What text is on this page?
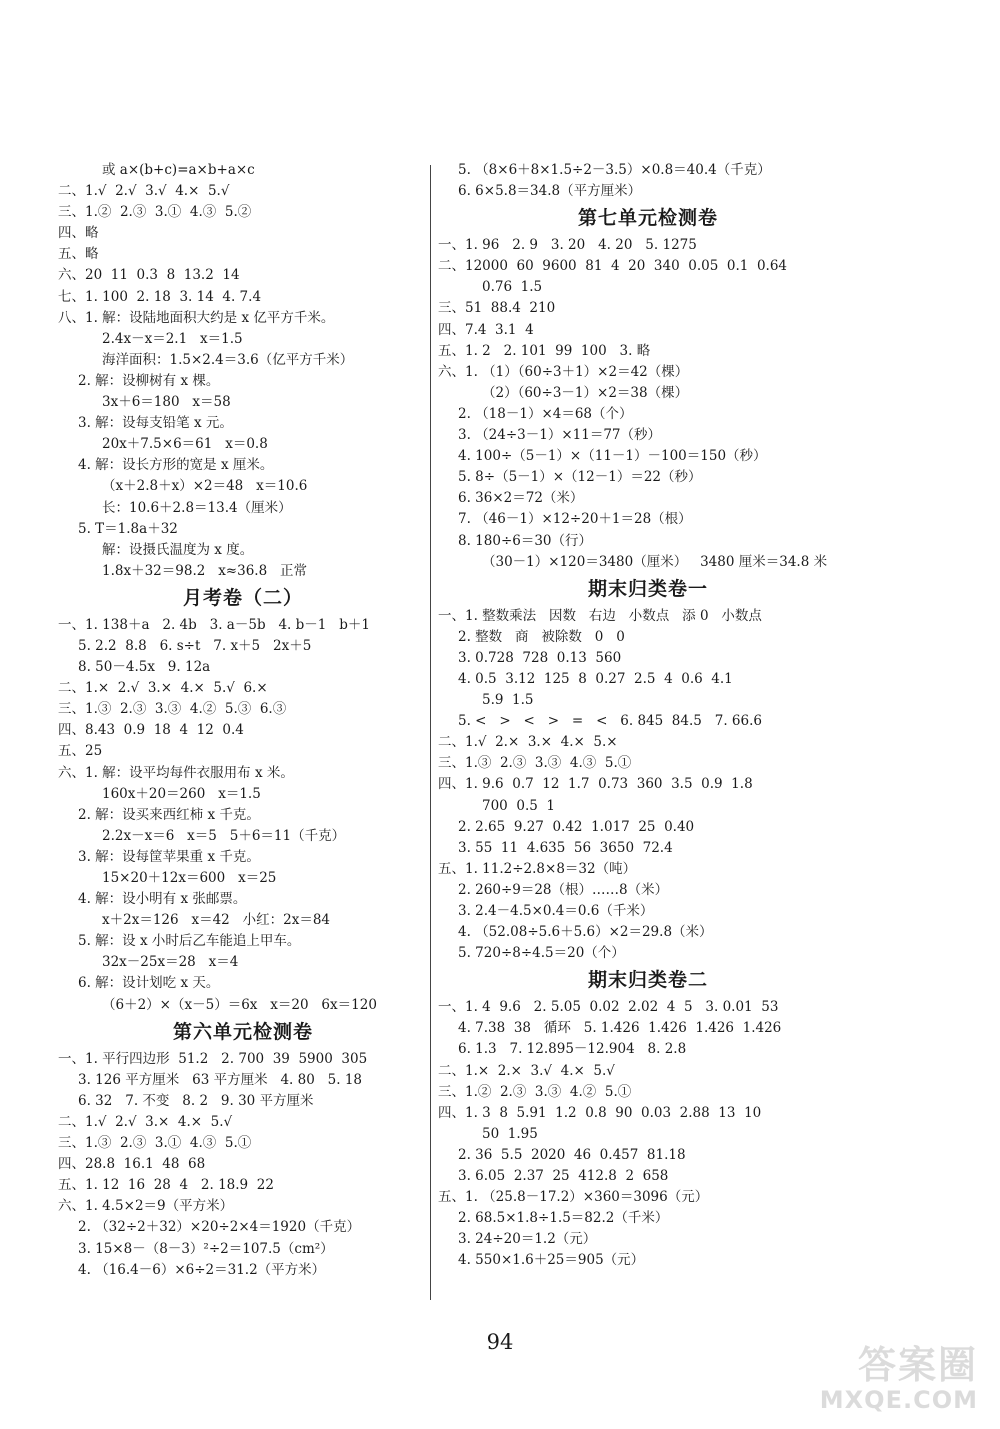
或 a×(b+c)=a×b+a×c
二、1.√  2.√  3.√  4.×  5.√
三、1.②  2.③  3.①  4.③  5.②
四、略
五、略
六、20  11  0.3  8  13.2  14
七、1. 100  2. 18  3. 14  4. 7.4
八、1. 解：设陆地面积大约是 x 亿平方千米。
2.4x－x＝2.1   x＝1.5
海洋面积：1.5×2.4＝3.6（亿平方千米）
2. 解：设柳树有 x 棵。
3x＋6＝180   x＝58
3. 解：设每支铅笔 x 元。
20x＋7.5×6＝61   x＝0.8
4. 解：设长方形的宽是 x 厘米。
（x＋2.8＋x）×2＝48   x＝10.6
长：10.6＋2.8＝13.4（厘米）
5. T＝1.8a＋32
解：设摄氏温度为 x 度。
1.8x＋32＝98.2   x≈36.8   正常
月考卷（二）
一、1. 138＋a   2. 4b   3. a－5b   4. b－1   b＋1
5. 2.2  8.8   6. s÷t   7. x＋5   2x＋5
8. 50－4.5x   9. 12a
二、1.×  2.√  3.×  4.×  5.√  6.×
三、1.③  2.③  3.③  4.②  5.③  6.③
四、8.43  0.9  18  4  12  0.4
五、25
六、1. 解：设平均每件衣服用布 x 米。
160x＋20＝260   x＝1.5
2. 解：设买来西红柿 x 千克。
2.2x－x＝6   x＝5   5＋6＝11（千克）
3. 解：设每筐苹果重 x 千克。
15×20＋12x＝600   x＝25
4. 解：设小明有 x 张邮票。
x＋2x＝126   x＝42   小红：2x＝84
5. 解：设 x 小时后乙车能追上甲车。
32x－25x＝28   x＝4
6. 解：设计划吃 x 天。
（6＋2）×（x－5）＝6x   x＝20   6x＝120
第六单元检测卷
一、1. 平行四边形  51.2   2. 700  39  5900  305
3. 126 平方厘米   63 平方厘米   4. 80   5. 18
6. 32   7. 不变   8. 2   9. 30 平方厘米
二、1.√  2.√  3.×  4.×  5.√
三、1.③  2.③  3.①  4.③  5.①
四、28.8  16.1  48  68
五、1. 12  16  28  4   2. 18.9  22
六、1. 4.5×2＝9（平方米）
2. （32÷2＋32）×20÷2×4＝1920（千克）
3. 15×8－（8－3）²÷2＝107.5（cm²）
4. （16.4－6）×6÷2＝31.2（平方米）
5. （8×6＋8×1.5÷2－3.5）×0.8＝40.4（千克）
6. 6×5.8＝34.8（平方厘米）
第七单元检测卷
一、1. 96   2. 9   3. 20   4. 20   5. 1275
二、12000  60  9600  81  4  20  340  0.05  0.1  0.64
0.76  1.5
三、51  88.4  210
四、7.4  3.1  4
五、1. 2   2. 101  99  100   3. 略
六、1. （1）（60÷3＋1）×2＝42（棵）
（2）（60÷3－1）×2＝38（棵）
2. （18－1）×4＝68（个）
3. （24÷3－1）×11＝77（秒）
4. 100÷（5－1）×（11－1）－100＝150（秒）
5. 8÷（5－1）×（12－1）＝22（秒）
6. 36×2＝72（米）
7. （46－1）×12÷20＋1＝28（根）
8. 180÷6＝30（行）
（30－1）×120＝3480（厘米）   3480 厘米＝34.8 米
期末归类卷一
一、1. 整数乘法   因数   右边   小数点   添 0   小数点
2. 整数   商   被除数   0   0
3. 0.728  728  0.13  560
4. 0.5  3.12  125  8  0.27  2.5  4  0.6  4.1
5.9  1.5
5. <   >   <   >   =   <   6. 845  84.5   7. 66.6
二、1.√  2.×  3.×  4.×  5.×
三、1.③  2.③  3.③  4.③  5.①
四、1. 9.6  0.7  12  1.7  0.73  360  3.5  0.9  1.8
700  0.5  1
2. 2.65  9.27  0.42  1.017  25  0.40
3. 55  11  4.635  56  3650  72.4
五、1. 11.2÷2.8×8＝32（吨）
2. 260÷9＝28（根）……8（米）
3. 2.4－4.5×0.4＝0.6（千米）
4. （52.08÷5.6＋5.6）×2＝29.8（米）
5. 720÷8÷4.5＝20（个）
期末归类卷二
一、1. 4  9.6   2. 5.05  0.02  2.02  4  5   3. 0.01  53
4. 7.38  38   循环   5. 1.426  1.426  1.426  1.426
6. 1.3   7. 12.895－12.904   8. 2.8
二、1.×  2.×  3.√  4.×  5.√
三、1.②  2.③  3.③  4.②  5.①
四、1. 3  8  5.91  1.2  0.8  90  0.03  2.88  13  10
50  1.95
2. 36  5.5  2020  46  0.457  81.18
3. 6.05  2.37  25  412.8  2  658
五、1. （25.8－17.2）×360＝3096（元）
2. 68.5×1.8÷1.5＝82.2（千米）
3. 24÷20＝1.2（元）
4. 550×1.6＋25＝905（元）
94
答案圈
MXQE.COM
